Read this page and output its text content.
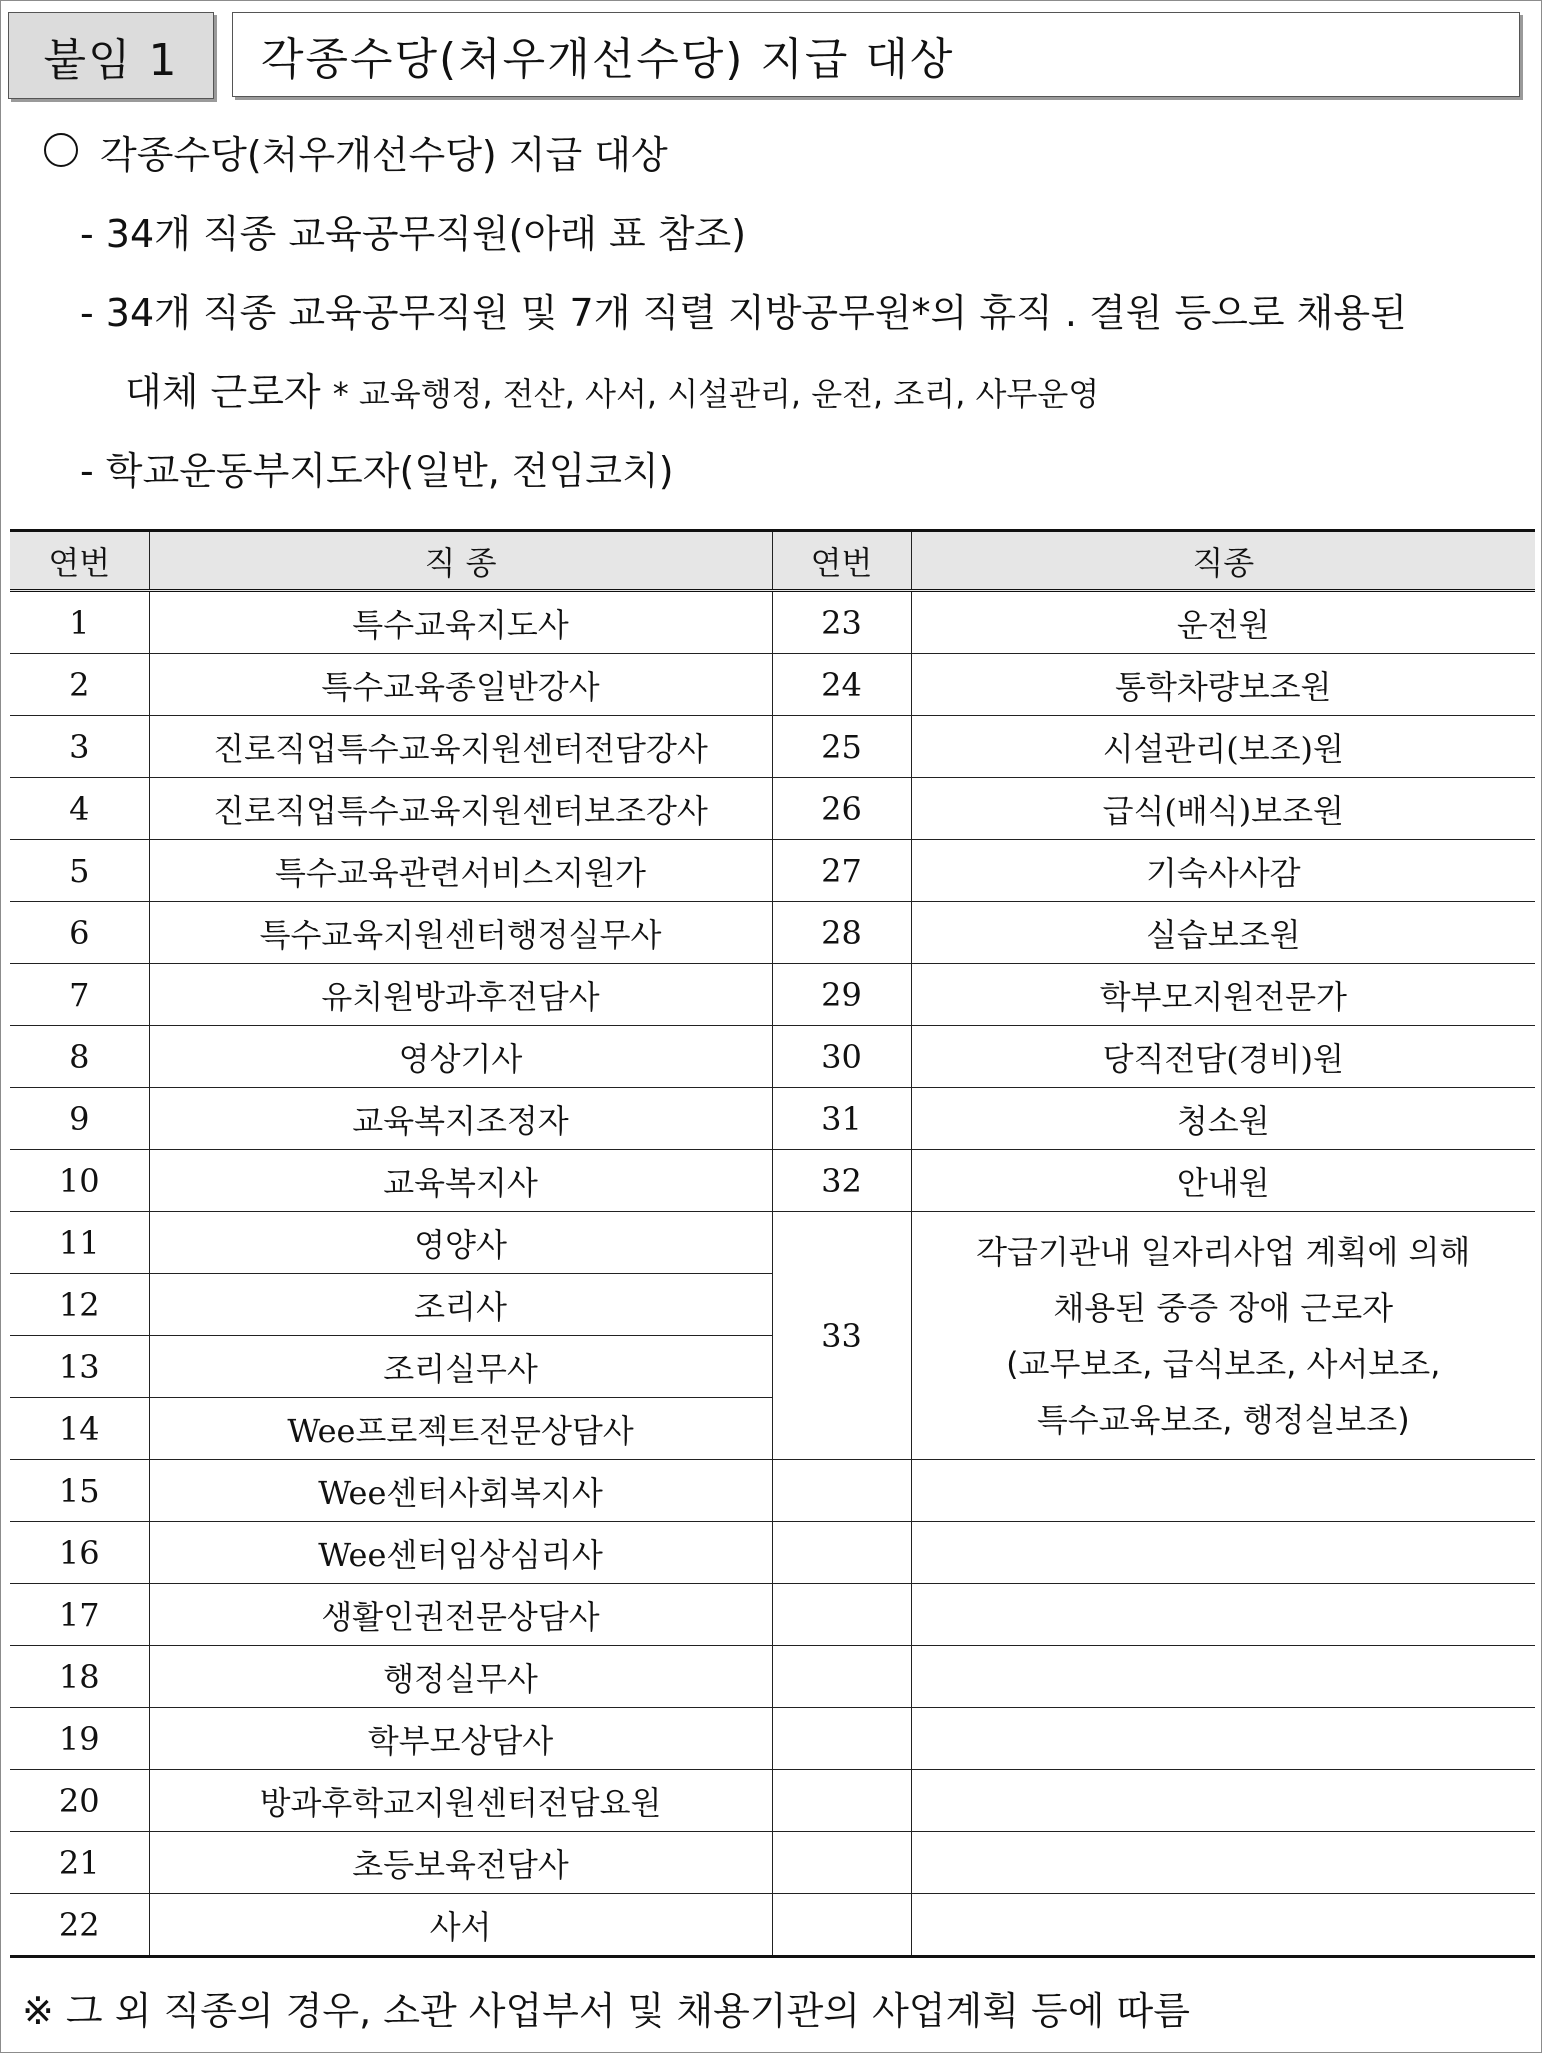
붙임 1	각종수당(처우개선수당) 지급 대상
각종수당(처우개선수당) 지급 대상
- 34개 직종 교육공무직원(아래 표 참조)
- 34개 직종 교육공무직원 및 7개 직렬 지방공무원*의 휴직 . 결원 등으로 채용된
대체 근로자 * 교육행정, 전산, 사서, 시설관리, 운전, 조리, 사무운영
- 학교운동부지도자(일반, 전임코치)
연번	직 종	연번	직종
1	특수교육지도사	23	운전원
2	특수교육종일반강사	24	통학차량보조원
3	진로직업특수교육지원센터전담강사	25	시설관리(보조)원
4	진로직업특수교육지원센터보조강사	26	급식(배식)보조원
5	특수교육관련서비스지원가	27	기숙사사감
6	특수교육지원센터행정실무사	28	실습보조원
7	유치원방과후전담사	29	학부모지원전문가
8	영상기사	30	당직전담(경비)원
9	교육복지조정자	31	청소원
10	교육복지사	32	안내원
11	영양사	33	각급기관내 일자리사업 계획에 의해
채용된 중증 장애 근로자
(교무보조, 급식보조, 사서보조,
특수교육보조, 행정실보조)

12	조리사		
13	조리실무사		
14	Wee프로젝트전문상담사		
15	Wee센터사회복지사		
16	Wee센터임상심리사		
17	생활인권전문상담사		
18	행정실무사		
19	학부모상담사		
20	방과후학교지원센터전담요원		
21	초등보육전담사		
22	사서		
※ 그 외 직종의 경우, 소관 사업부서 및 채용기관의 사업계획 등에 따름
